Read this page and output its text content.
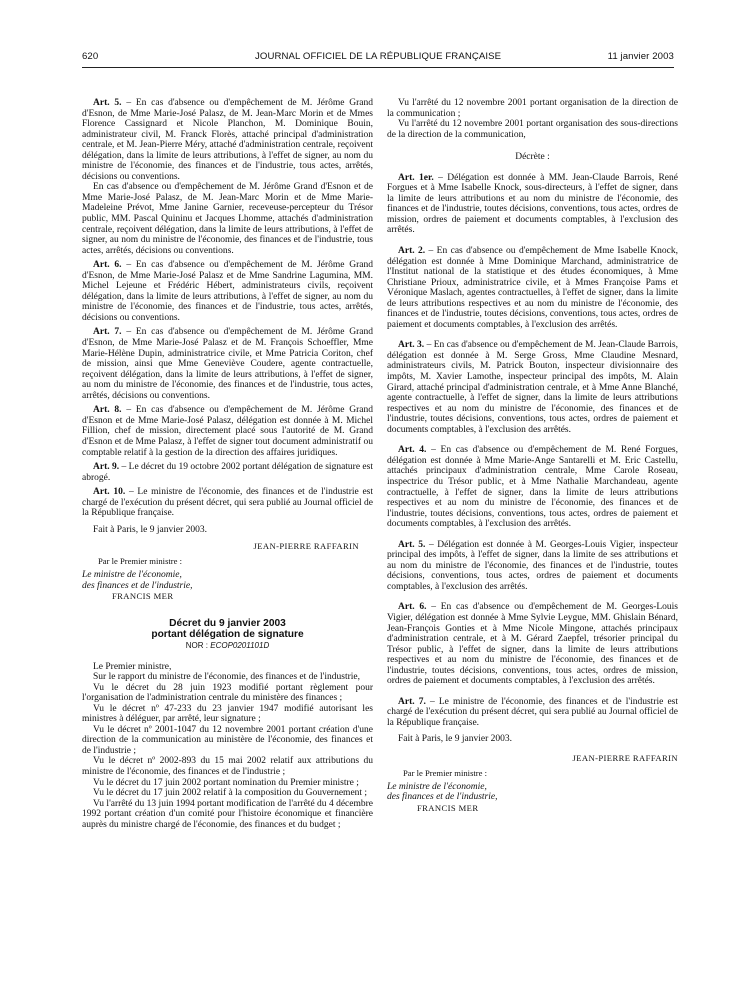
620	JOURNAL OFFICIEL DE LA RÉPUBLIQUE FRANÇAISE	11 janvier 2003

Art. 5. – En cas d'absence ou d'empêchement de M. Jérôme Grand d'Esnon, de Mme Marie-José Palasz, de M. Jean-Marc Morin et de Mmes Florence Cassignard et Nicole Planchon, M. Dominique Bouin, administrateur civil, M. Franck Florès, attaché principal d'administration centrale, et M. Jean-Pierre Méry, attaché d'administration centrale, reçoivent délégation, dans la limite de leurs attributions, à l'effet de signer, au nom du ministre de l'économie, des finances et de l'industrie, tous actes, arrêtés, décisions ou conventions.

En cas d'absence ou d'empêchement de M. Jérôme Grand d'Esnon et de Mme Marie-José Palasz, de M. Jean-Marc Morin et de Mme Marie-Madeleine Prévot, Mme Janine Garnier, receveuse-percepteur du Trésor public, MM. Pascal Quininu et Jacques Lhomme, attachés d'administration centrale, reçoivent délégation, dans la limite de leurs attributions, à l'effet de signer, au nom du ministre de l'économie, des finances et de l'industrie, tous actes, arrêtés, décisions ou conventions.

Art. 6. – En cas d'absence ou d'empêchement de M. Jérôme Grand d'Esnon, de Mme Marie-José Palasz et de Mme Sandrine Lagumina, MM. Michel Lejeune et Frédéric Hébert, administrateurs civils, reçoivent délégation, dans la limite de leurs attributions, à l'effet de signer, au nom du ministre de l'économie, des finances et de l'industrie, tous actes, arrêtés, décisions ou conventions.

Art. 7. – En cas d'absence ou d'empêchement de M. Jérôme Grand d'Esnon, de Mme Marie-José Palasz et de M. François Schoeffler, Mme Marie-Hélène Dupin, administratrice civile, et Mme Patricia Coriton, chef de mission, ainsi que Mme Geneviève Coudere, agente contractuelle, reçoivent délégation, dans la limite de leurs attributions, à l'effet de signer, au nom du ministre de l'économie, des finances et de l'industrie, tous actes, arrêtés, décisions ou conventions.

Art. 8. – En cas d'absence ou d'empêchement de M. Jérôme Grand d'Esnon et de Mme Marie-José Palasz, délégation est donnée à M. Michel Fillion, chef de mission, directement placé sous l'autorité de M. Grand d'Esnon et de Mme Palasz, à l'effet de signer tout document administratif ou comptable relatif à la gestion de la direction des affaires juridiques.

Art. 9. – Le décret du 19 octobre 2002 portant délégation de signature est abrogé.

Art. 10. – Le ministre de l'économie, des finances et de l'industrie est chargé de l'exécution du présent décret, qui sera publié au Journal officiel de la République française.

Fait à Paris, le 9 janvier 2003.

JEAN-PIERRE RAFFARIN

Par le Premier ministre :

Le ministre de l'économie,
des finances et de l'industrie,

FRANCIS MER

Décret du 9 janvier 2003
portant délégation de signature
NOR : ECOP0201101D

Le Premier ministre,

Sur le rapport du ministre de l'économie, des finances et de l'industrie,

Vu le décret du 28 juin 1923 modifié portant règlement pour l'organisation de l'administration centrale du ministère des finances ;

Vu le décret nº 47-233 du 23 janvier 1947 modifié autorisant les ministres à déléguer, par arrêté, leur signature ;

Vu le décret nº 2001-1047 du 12 novembre 2001 portant création d'une direction de la communication au ministère de l'économie, des finances et de l'industrie ;

Vu le décret nº 2002-893 du 15 mai 2002 relatif aux attributions du ministre de l'économie, des finances et de l'industrie ;

Vu le décret du 17 juin 2002 portant nomination du Premier ministre ;

Vu le décret du 17 juin 2002 relatif à la composition du Gouvernement ;

Vu l'arrêté du 13 juin 1994 portant modification de l'arrêté du 4 décembre 1992 portant création d'un comité pour l'histoire économique et financière auprès du ministre chargé de l'économie, des finances et du budget ;

Vu l'arrêté du 12 novembre 2001 portant organisation de la direction de la communication ;

Vu l'arrêté du 12 novembre 2001 portant organisation des sous-directions de la direction de la communication,

Décrète :

Art. 1er. – Délégation est donnée à MM. Jean-Claude Barrois, René Forgues et à Mme Isabelle Knock, sous-directeurs, à l'effet de signer, dans la limite de leurs attributions et au nom du ministre de l'économie, des finances et de l'industrie, toutes décisions, conventions, tous actes, ordres de mission, ordres de paiement et documents comptables, à l'exclusion des arrêtés.

Art. 2. – En cas d'absence ou d'empêchement de Mme Isabelle Knock, délégation est donnée à Mme Dominique Marchand, administratrice de l'Institut national de la statistique et des études économiques, à Mme Christiane Prioux, administratrice civile, et à Mmes Françoise Pams et Véronique Maslach, agentes contractuelles, à l'effet de signer, dans la limite de leurs attributions respectives et au nom du ministre de l'économie, des finances et de l'industrie, toutes décisions, conventions, tous actes, ordres de paiement et documents comptables, à l'exclusion des arrêtés.

Art. 3. – En cas d'absence ou d'empêchement de M. Jean-Claude Barrois, délégation est donnée à M. Serge Gross, Mme Claudine Mesnard, administrateurs civils, M. Patrick Bouton, inspecteur divisionnaire des impôts, M. Xavier Lamothe, inspecteur principal des impôts, M. Alain Girard, attaché principal d'administration centrale, et à Mme Anne Blanché, agente contractuelle, à l'effet de signer, dans la limite de leurs attributions respectives et au nom du ministre de l'économie, des finances et de l'industrie, toutes décisions, conventions, tous actes, ordres de paiement et documents comptables, à l'exclusion des arrêtés.

Art. 4. – En cas d'absence ou d'empêchement de M. René Forgues, délégation est donnée à Mme Marie-Ange Santarelli et M. Eric Castellu, attachés principaux d'administration centrale, Mme Carole Roseau, inspectrice du Trésor public, et à Mme Nathalie Marchandeau, agente contractuelle, à l'effet de signer, dans la limite de leurs attributions respectives et au nom du ministre de l'économie, des finances et de l'industrie, toutes décisions, conventions, tous actes, ordres de paiement et documents comptables, à l'exclusion des arrêtés.

Art. 5. – Délégation est donnée à M. Georges-Louis Vigier, inspecteur principal des impôts, à l'effet de signer, dans la limite de ses attributions et au nom du ministre de l'économie, des finances et de l'industrie, toutes décisions, conventions, tous actes, ordres de paiement et documents comptables, à l'exclusion des arrêtés.

Art. 6. – En cas d'absence ou d'empêchement de M. Georges-Louis Vigier, délégation est donnée à Mme Sylvie Leygue, MM. Ghislain Bénard, Jean-François Gonties et à Mme Nicole Mingone, attachés principaux d'administration centrale, et à M. Gérard Zaepfel, trésorier principal du Trésor public, à l'effet de signer, dans la limite de leurs attributions respectives et au nom du ministre de l'économie, des finances et de l'industrie, toutes décisions, conventions, tous actes, ordres de mission, ordres de paiement et documents comptables, à l'exclusion des arrêtés.

Art. 7. – Le ministre de l'économie, des finances et de l'industrie est chargé de l'exécution du présent décret, qui sera publié au Journal officiel de la République française.

Fait à Paris, le 9 janvier 2003.

JEAN-PIERRE RAFFARIN

Par le Premier ministre :

Le ministre de l'économie,
des finances et de l'industrie,

FRANCIS MER
